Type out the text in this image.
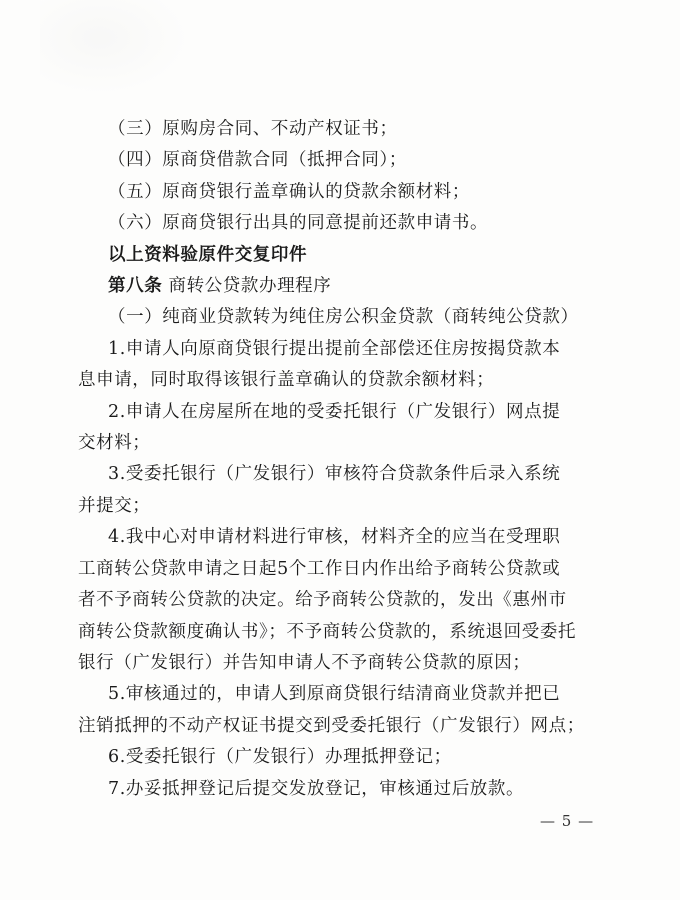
（三）原购房合同、不动产权证书；

（四）原商贷借款合同（抵押合同）；

（五）原商贷银行盖章确认的贷款余额材料；

（六）原商贷银行出具的同意提前还款申请书。

以上资料验原件交复印件

第八条 商转公贷款办理程序

（一）纯商业贷款转为纯住房公积金贷款（商转纯公贷款）

1.申请人向原商贷银行提出提前全部偿还住房按揭贷款本

息申请，同时取得该银行盖章确认的贷款余额材料；

2.申请人在房屋所在地的受委托银行（广发银行）网点提

交材料；

3.受委托银行（广发银行）审核符合贷款条件后录入系统

并提交；

4.我中心对申请材料进行审核，材料齐全的应当在受理职

工商转公贷款申请之日起5个工作日内作出给予商转公贷款或

者不予商转公贷款的决定。给予商转公贷款的，发出《惠州市

商转公贷款额度确认书》；不予商转公贷款的，系统退回受委托

银行（广发银行）并告知申请人不予商转公贷款的原因；

5.审核通过的，申请人到原商贷银行结清商业贷款并把已

注销抵押的不动产权证书提交到受委托银行（广发银行）网点；

6.受委托银行（广发银行）办理抵押登记；

7.办妥抵押登记后提交发放登记，审核通过后放款。

— 5 —
